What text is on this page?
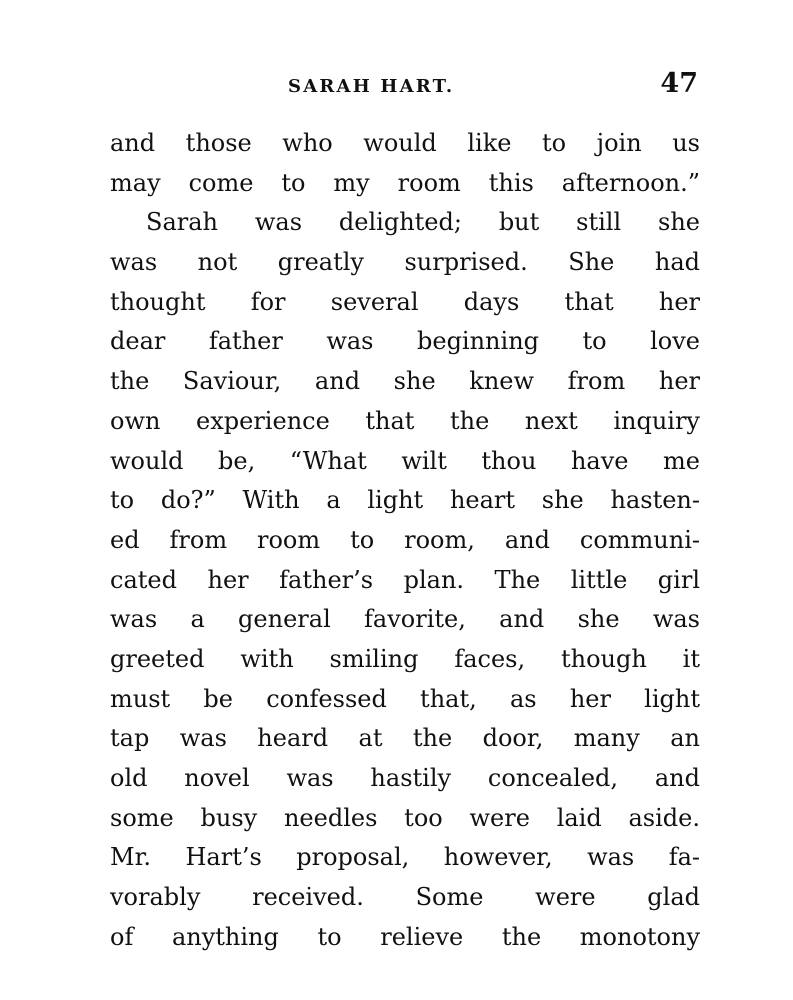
SARAH HART.	47
and those who would like to join us
may come to my room this afternoon.”
Sarah was delighted; but still she
was not greatly surprised. She had
thought for several days that her
dear father was beginning to love
the Saviour, and she knew from her
own experience that the next inquiry
would be, “What wilt thou have me
to do?” With a light heart she hasten-
ed from room to room, and communi-
cated her father’s plan. The little girl
was a general favorite, and she was
greeted with smiling faces, though it
must be confessed that, as her light
tap was heard at the door, many an
old novel was hastily concealed, and
some busy needles too were laid aside.
Mr. Hart’s proposal, however, was fa-
vorably received. Some were glad
of anything to relieve the monotony
